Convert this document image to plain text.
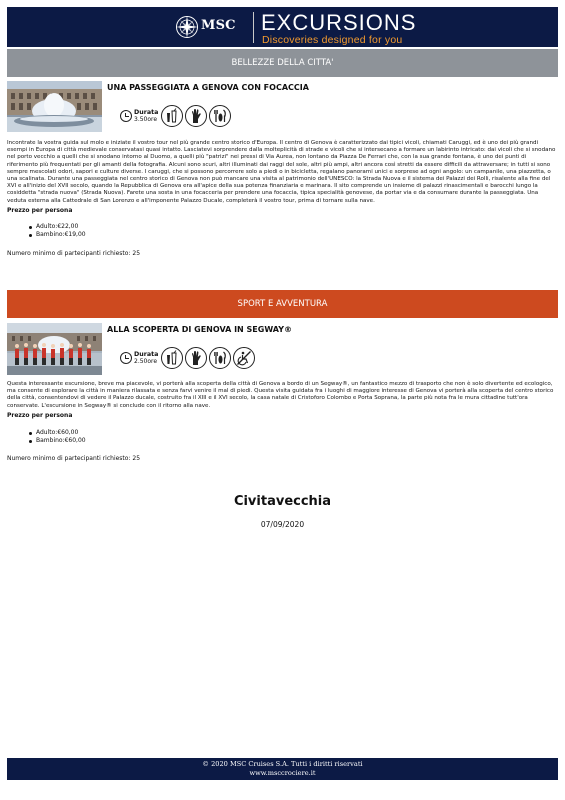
MSC EXCURSIONS
Discoveries designed for you
BELLEZZE DELLA CITTA'
UNA PASSEGGIATA A GENOVA CON FOCACCIA
Durata
3.50ore
Incontrate la vostra guida sul molo e iniziate il vostro tour nel più grande centro storico d'Europa. Il centro di Genova è caratterizzato dai tipici vicoli, chiamati Caruggi, ed è uno dei più grandi esempi in Europa di città medievale conservatasi quasi intatto. Lasciatevi sorprendere dalla molteplicità di strade e vicoli che si intersecano a formare un labirinto intricato: dai vicoli che si snodano nel porto vecchio a quelli che si snodano intorno al Duomo, a quelli più "patrizi" nei pressi di Via Aurea, non lontano da Piazza De Ferrari che, con la sua grande fontana, è uno dei punti di riferimento più frequentati per gli amanti della fotografia. Alcuni sono scuri, altri illuminati dai raggi del sole, altri più ampi, altri ancora così stretti da essere difficili da attraversare; in tutti si sono sempre mescolati odori, sapori e culture diverse. I caruggi, che si possono percorrere solo a piedi o in bicicletta, regalano panorami unici e sorprese ad ogni angolo: un campanile, una piazzetta, o una scalinata. Durante una passeggiata nel centro storico di Genova non può mancare una visita al patrimonio dell'UNESCO: la Strada Nuova e il sistema dei Palazzi dei Rolli, risalente alla fine del XVI e all'inizio del XVII secolo, quando la Repubblica di Genova era all'apice della sua potenza finanziaria e marinara. Il sito comprende un insieme di palazzi rinascimentali e barocchi lungo la cosiddetta "strada nuova" (Strada Nuova). Farete una sosta in una focacceria per prendere una focaccia, tipica specialità genovese, da portar via e da consumare durante la passeggiata. Una veduta esterna alla Cattedrale di San Lorenzo e all'imponente Palazzo Ducale, completerà il vostro tour, prima di tornare sulla nave.
Prezzo per persona
Adulto:€22,00
Bambino:€19,00
Numero minimo di partecipanti richiesto: 25
SPORT E AVVENTURA
ALLA SCOPERTA DI GENOVA IN SEGWAY®
Durata
2.50ore
Questa interessante escursione, breve ma piacevole, vi porterà alla scoperta della città di Genova a bordo di un Segway®, un fantastico mezzo di trasporto che non è solo divertente ed ecologico, ma consente di esplorare la città in maniera rilassata e senza farvi venire il mal di piedi. Questa visita guidata fra i luoghi di maggiore interesse di Genova vi porterà alla scoperta del centro storico della città, consentendovi di vedere il Palazzo ducale, costruito fra il XIII e il XVI secolo, la casa natale di Cristoforo Colombo e Porta Soprana, la parte più nota fra le mura cittadine tutt'ora conservate. L'escursione in Segway® si conclude con il ritorno alla nave.
Prezzo per persona
Adulto:€60,00
Bambino:€60,00
Numero minimo di partecipanti richiesto: 25
Civitavecchia
07/09/2020
© 2020 MSC Cruises S.A. Tutti i diritti riservati
www.msccrociere.it
